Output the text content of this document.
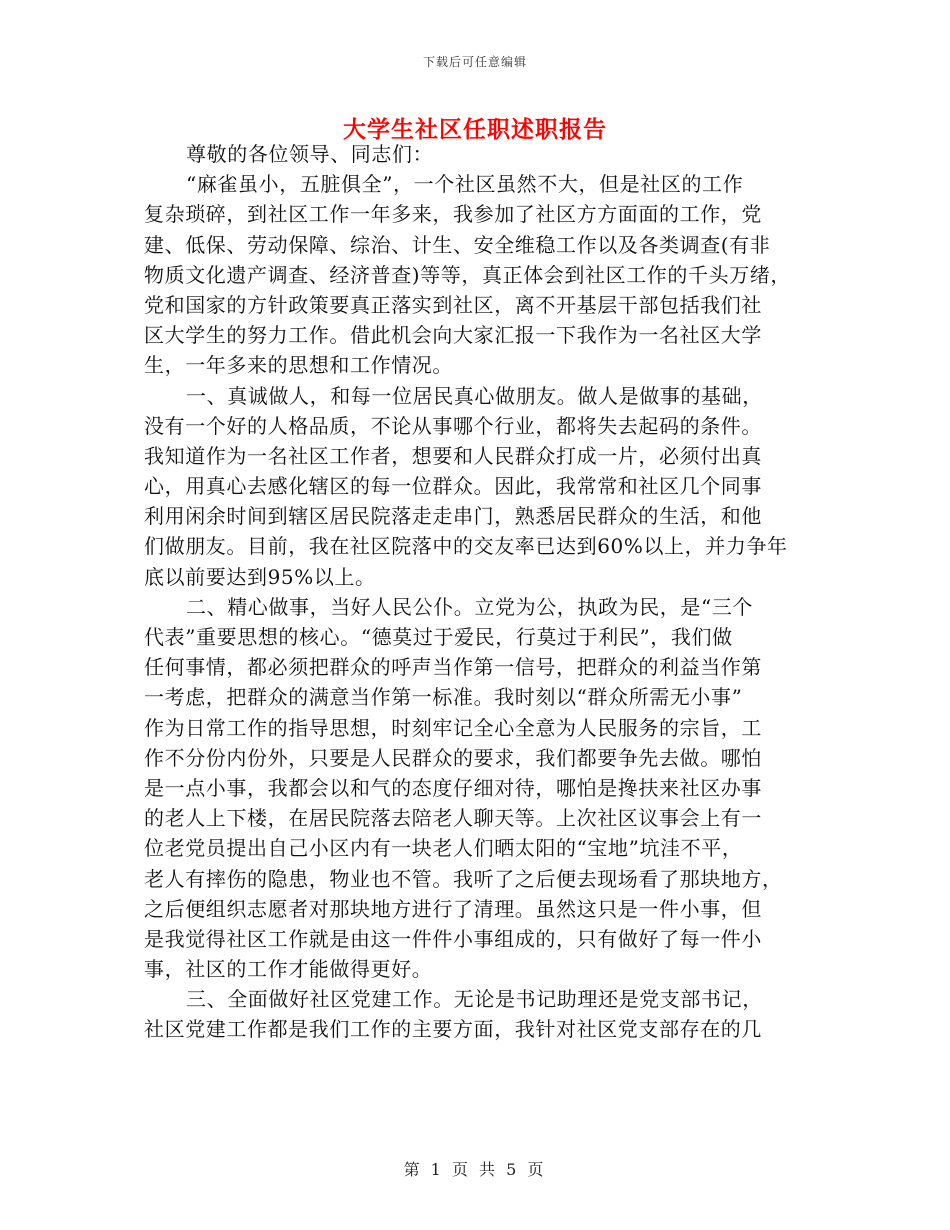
下载后可任意编辑
大学生社区任职述职报告
尊敬的各位领导、同志们：
“麻雀虽小，五脏俱全”，一个社区虽然不大，但是社区的工作
复杂琐碎，到社区工作一年多来，我参加了社区方方面面的工作，党
建、低保、劳动保障、综治、计生、安全维稳工作以及各类调查(有非
物质文化遗产调查、经济普查)等等，真正体会到社区工作的千头万绪，
党和国家的方针政策要真正落实到社区，离不开基层干部包括我们社
区大学生的努力工作。借此机会向大家汇报一下我作为一名社区大学
生，一年多来的思想和工作情况。
一、真诚做人，和每一位居民真心做朋友。做人是做事的基础，
没有一个好的人格品质，不论从事哪个行业，都将失去起码的条件。
我知道作为一名社区工作者，想要和人民群众打成一片，必须付出真
心，用真心去感化辖区的每一位群众。因此，我常常和社区几个同事
利用闲余时间到辖区居民院落走走串门，熟悉居民群众的生活，和他
们做朋友。目前，我在社区院落中的交友率已达到60%以上，并力争年
底以前要达到95%以上。
二、精心做事，当好人民公仆。立党为公，执政为民，是“三个
代表”重要思想的核心。“德莫过于爱民，行莫过于利民”，我们做
任何事情，都必须把群众的呼声当作第一信号，把群众的利益当作第
一考虑，把群众的满意当作第一标准。我时刻以“群众所需无小事”
作为日常工作的指导思想，时刻牢记全心全意为人民服务的宗旨，工
作不分份内份外，只要是人民群众的要求，我们都要争先去做。哪怕
是一点小事，我都会以和气的态度仔细对待，哪怕是搀扶来社区办事
的老人上下楼，在居民院落去陪老人聊天等。上次社区议事会上有一
位老党员提出自己小区内有一块老人们晒太阳的“宝地”坑洼不平，
老人有摔伤的隐患，物业也不管。我听了之后便去现场看了那块地方，
之后便组织志愿者对那块地方进行了清理。虽然这只是一件小事，但
是我觉得社区工作就是由这一件件小事组成的，只有做好了每一件小
事，社区的工作才能做得更好。
三、全面做好社区党建工作。无论是书记助理还是党支部书记，
社区党建工作都是我们工作的主要方面，我针对社区党支部存在的几
第 1 页 共 5 页
